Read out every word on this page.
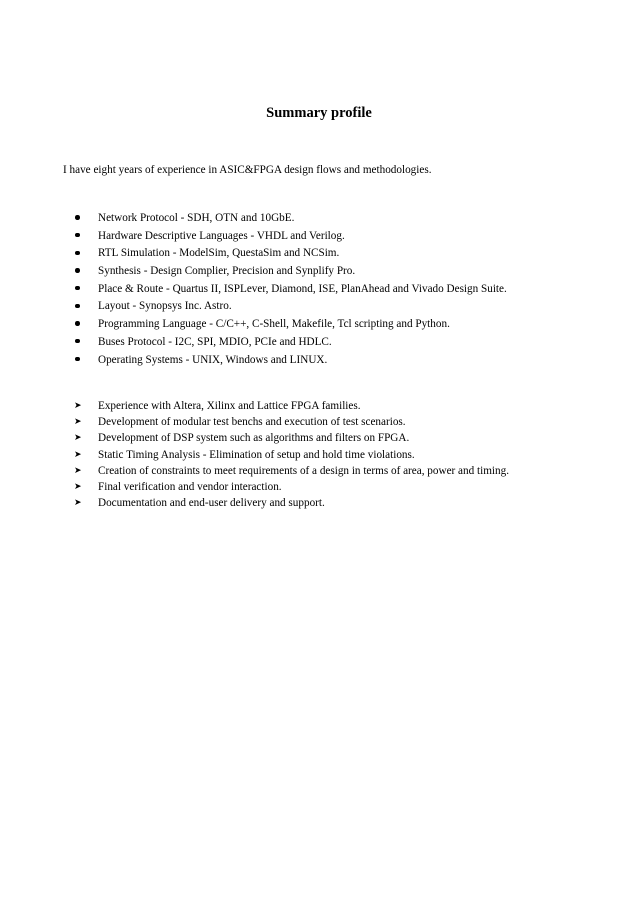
Summary profile
I have eight years of experience in ASIC&FPGA design flows and methodologies.
Network Protocol - SDH, OTN and 10GbE.
Hardware Descriptive Languages - VHDL and Verilog.
RTL Simulation - ModelSim, QuestaSim and NCSim.
Synthesis - Design Complier, Precision and Synplify Pro.
Place & Route - Quartus II, ISPLever, Diamond, ISE, PlanAhead and Vivado Design Suite.
Layout - Synopsys Inc. Astro.
Programming Language - C/C++, C-Shell, Makefile, Tcl scripting and Python.
Buses Protocol - I2C, SPI, MDIO, PCIe and HDLC.
Operating Systems - UNIX, Windows and LINUX.
➤	Experience with Altera, Xilinx and Lattice FPGA families.
➤	Development of modular test benchs and execution of test scenarios.
➤	Development of DSP system such as algorithms and filters on FPGA.
➤	Static Timing Analysis - Elimination of setup and hold time violations.
➤	Creation of constraints to meet requirements of a design in terms of area, power and timing.
➤	Final verification and vendor interaction.
➤	Documentation and end-user delivery and support.
